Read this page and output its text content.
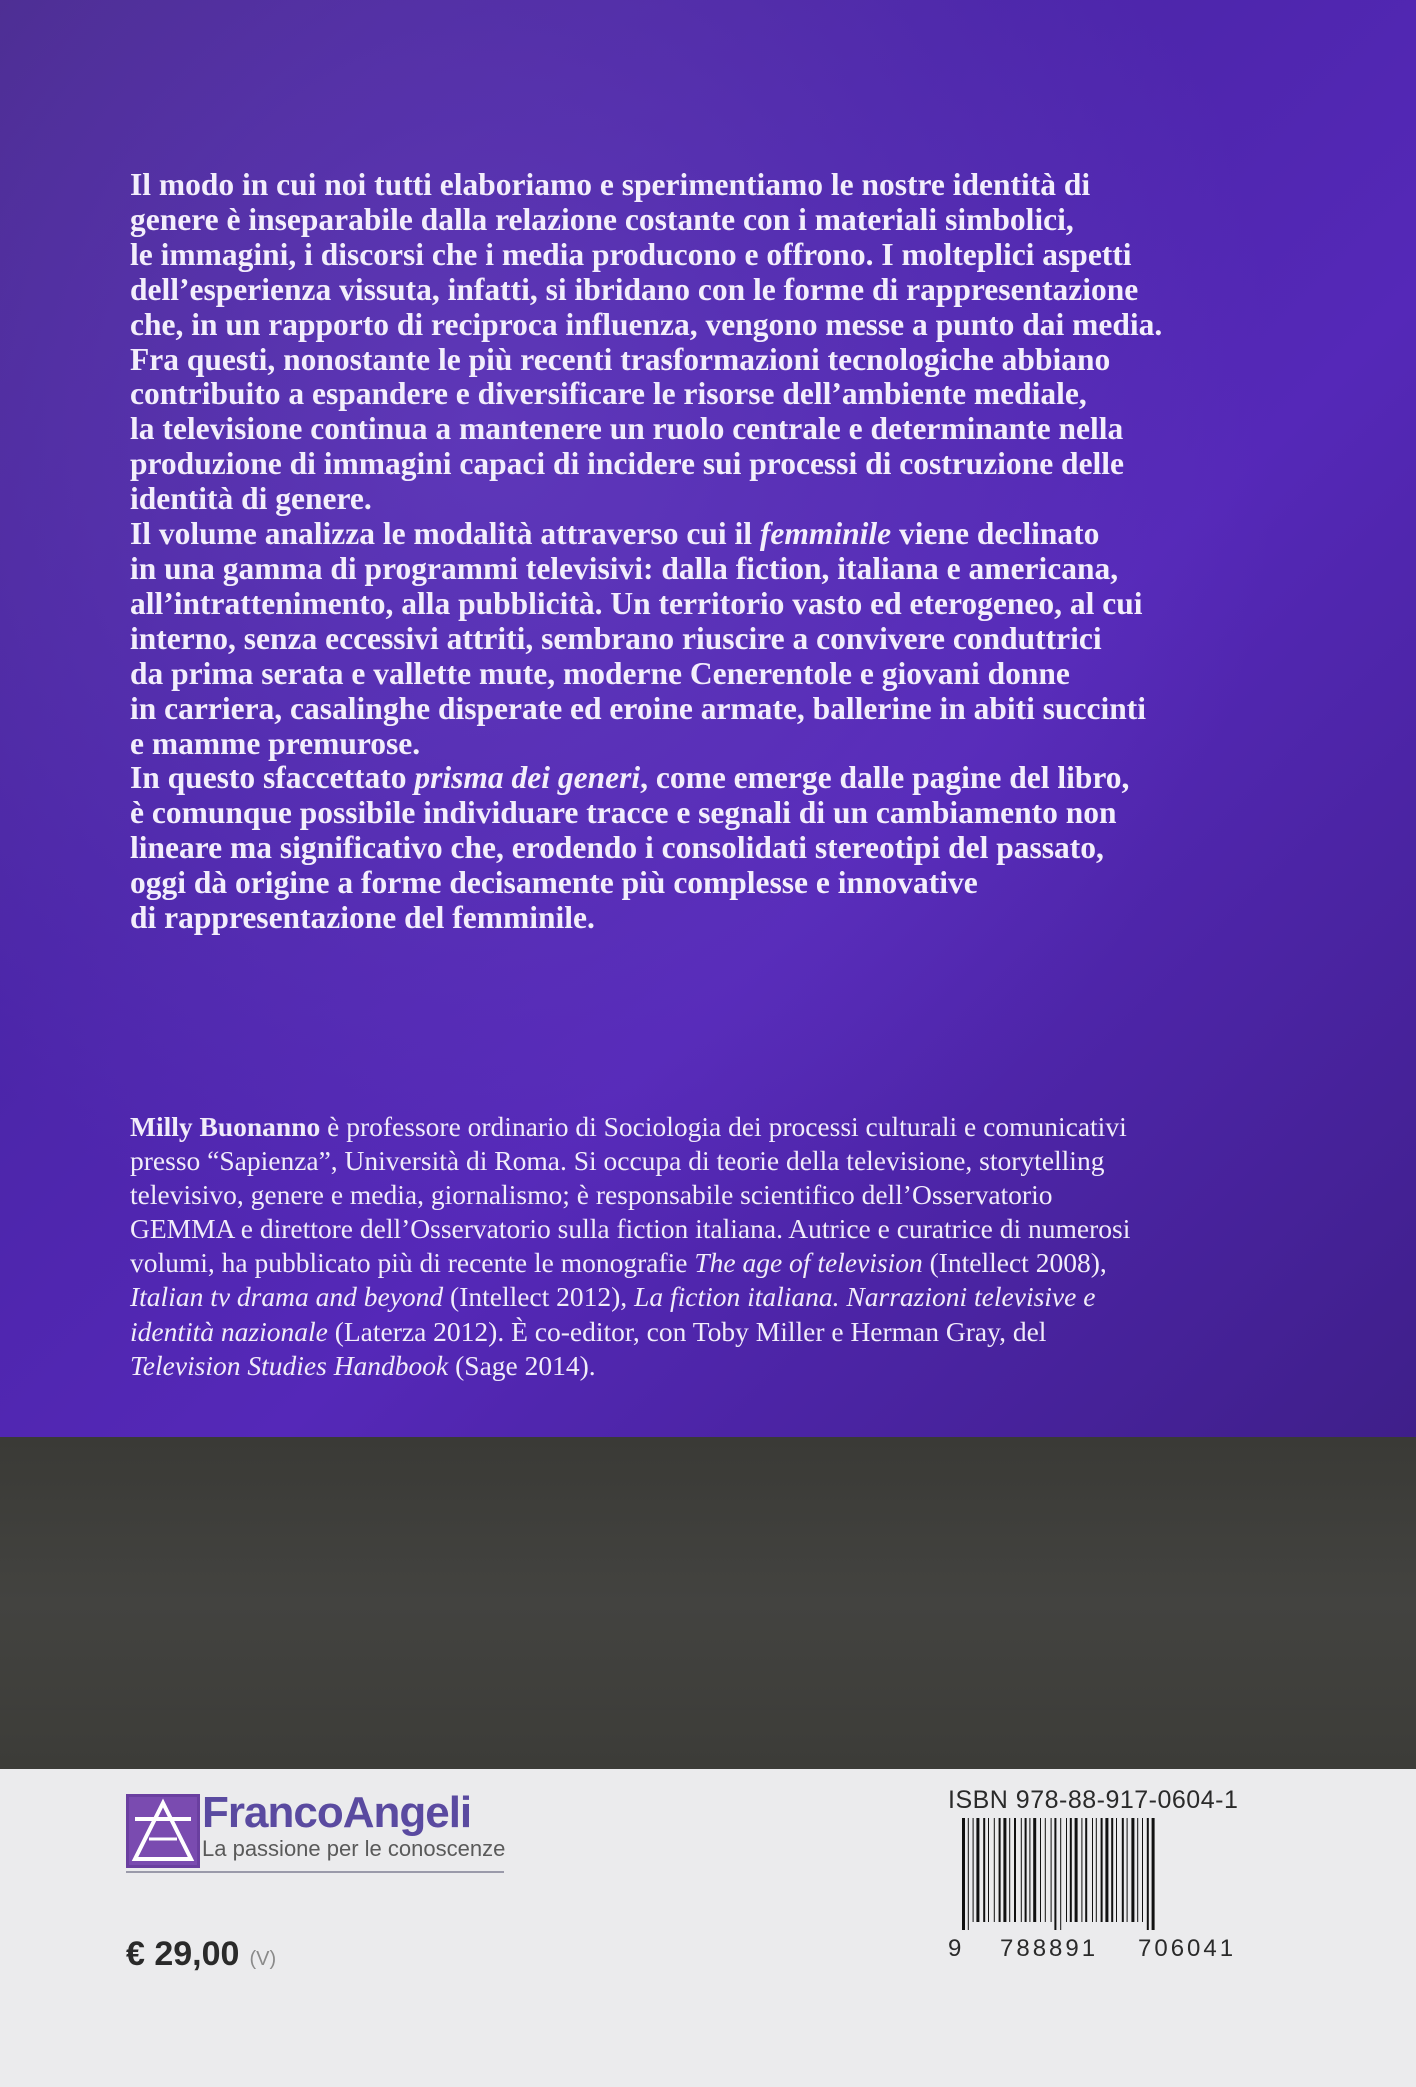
Il modo in cui noi tutti elaboriamo e sperimentiamo le nostre identità di
genere è inseparabile dalla relazione costante con i materiali simbolici,
le immagini, i discorsi che i media producono e offrono. I molteplici aspetti
dell’esperienza vissuta, infatti, si ibridano con le forme di rappresentazione
che, in un rapporto di reciproca influenza, vengono messe a punto dai media.
Fra questi, nonostante le più recenti trasformazioni tecnologiche abbiano
contribuito a espandere e diversificare le risorse dell’ambiente mediale,
la televisione continua a mantenere un ruolo centrale e determinante nella
produzione di immagini capaci di incidere sui processi di costruzione delle
identità di genere.

Il volume analizza le modalità attraverso cui il femminile viene declinato
in una gamma di programmi televisivi: dalla fiction, italiana e americana,
all’intrattenimento, alla pubblicità. Un territorio vasto ed eterogeneo, al cui
interno, senza eccessivi attriti, sembrano riuscire a convivere conduttrici
da prima serata e vallette mute, moderne Cenerentole e giovani donne
in carriera, casalinghe disperate ed eroine armate, ballerine in abiti succinti
e mamme premurose.

In questo sfaccettato prisma dei generi, come emerge dalle pagine del libro,
è comunque possibile individuare tracce e segnali di un cambiamento non
lineare ma significativo che, erodendo i consolidati stereotipi del passato,
oggi dà origine a forme decisamente più complesse e innovative
di rappresentazione del femminile.

Milly Buonanno è professore ordinario di Sociologia dei processi culturali e comunicativi
presso “Sapienza”, Università di Roma. Si occupa di teorie della televisione, storytelling
televisivo, genere e media, giornalismo; è responsabile scientifico dell’Osservatorio
GEMMA e direttore dell’Osservatorio sulla fiction italiana. Autrice e curatrice di numerosi
volumi, ha pubblicato più di recente le monografie The age of television (Intellect 2008),
Italian tv drama and beyond (Intellect 2012), La fiction italiana. Narrazioni televisive e
identità nazionale (Laterza 2012). È co-editor, con Toby Miller e Herman Gray, del
Television Studies Handbook (Sage 2014).
FrancoAngeli
La passione per le conoscenze
€ 29,00 (V)
ISBN 978-88-917-0604-1
9 788891 706041
